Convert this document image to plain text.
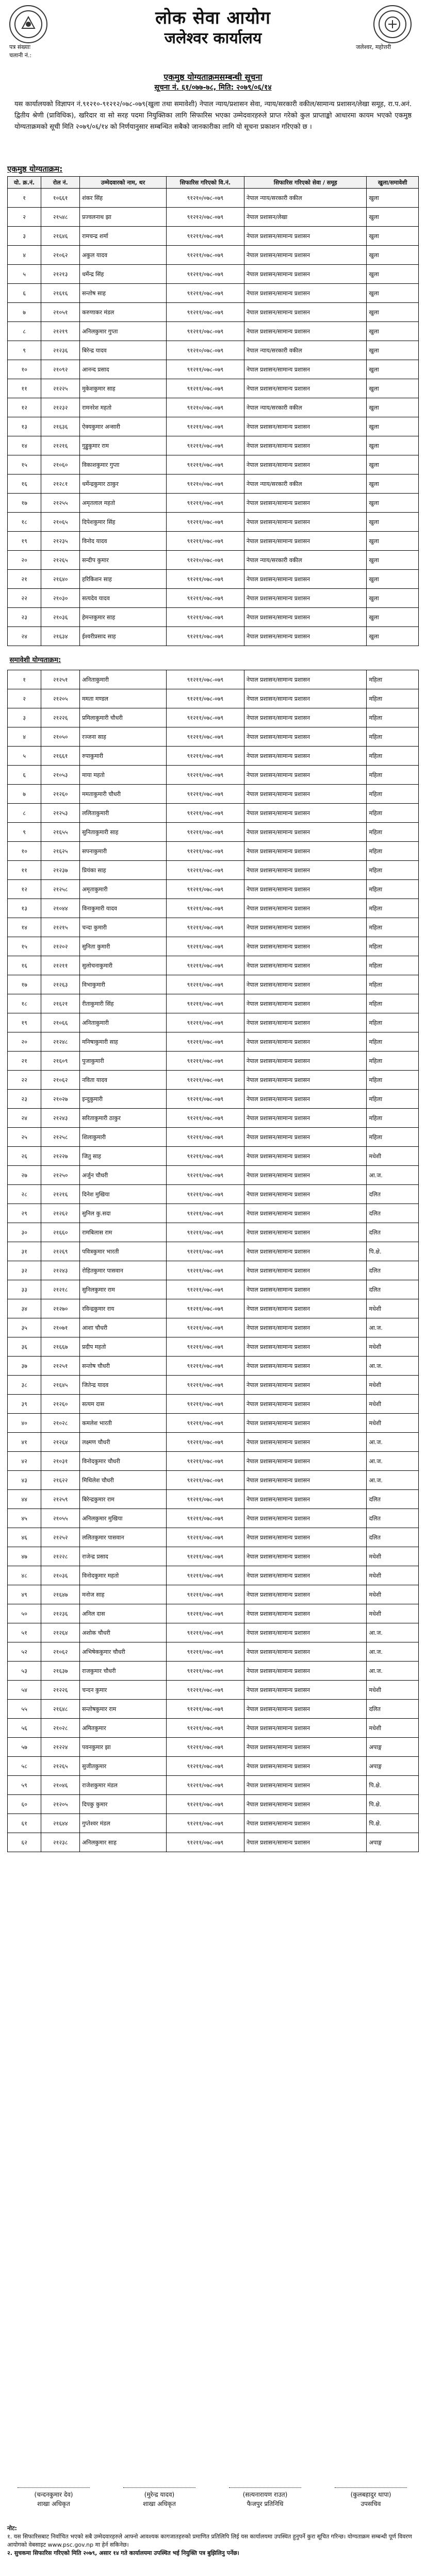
लोक सेवा आयोग
जलेश्वर कार्यालय
पत्र संख्याः
चलानी नं.:
जलेश्वर, महोत्तरी
एकमुष्ठ योग्यताक्रमसम्बन्धी सूचना
सूचना नं. ६१/०७७-७८, मिति: २०७९/०६/१४
यस कार्यालयको विज्ञापन नं.९१२१०-९१२१२/०७८-०७९(खुला तथा समावेशी) नेपाल न्याय/प्रशासन सेवा, न्याय/सरकारी वकील/सामान्य प्रशासन/लेखा समूह, रा.प.अनं. द्वितीय श्रेणी (प्राविधिक), खरिदार वा सो सरह पदमा नियुक्तिका लागि सिफारिस भएका उम्मेदवारहरुले प्राप्त गरेको कुल प्राप्ताङ्को आधारमा कायम भएको एकमुष्ठ योग्यताक्रमको सूची मिति २०७९/०६/१४ को निर्णयानुसार सम्बन्धित सबैको जानकारीका लागि यो सूचना प्रकाशन गरिएको छ ।
एकमुष्ठ योग्यताक्रम:
यो. क्र.नं.	रोल नं.	उम्मेदवारको नाम, थर	सिफारिस गरिएको वि.नं.	सिफारिस गरिएको सेवा / समूह	खुला/समावेशी
१	१०६६१	शंकर सिंह	९१२१०/०७८-०७९	नेपाल न्याय/सरकारी वकील	खुला
२	२१५४८	प्रज्वलनाथ झा	९१२१२/०७८-०७९	नेपाल प्रशासन/लेखा	खुला
३	२१६४६	रामचन्द्र शर्मा	९१२११/०७८-०७९	नेपाल प्रशासन/सामान्य प्रशासन	खुला
४	२१०६२	अकुल यादव	९१२११/०७८-०७९	नेपाल प्रशासन/सामान्य प्रशासन	खुला
५	२१२१३	धर्मेन्द्र सिंह	९१२११/०७८-०७९	नेपाल प्रशासन/सामान्य प्रशासन	खुला
६	२१६१६	सन्तोष साह	९१२११/०७८-०७९	नेपाल प्रशासन/सामान्य प्रशासन	खुला
७	२१०५१	करुणाकर मंडल	९१२११/०७८-०७९	नेपाल प्रशासन/सामान्य प्रशासन	खुला
८	२१२१९	अनिलकुमार गुप्ता	९१२११/०७८-०७९	नेपाल प्रशासन/सामान्य प्रशासन	खुला
९	२१२३६	बिरेन्द्र यादव	९१२१०/०७८-०७९	नेपाल न्याय/सरकारी वकील	खुला
१०	२१०९२	आनन्द प्रसाद	९१२११/०७८-०७९	नेपाल प्रशासन/सामान्य प्रशासन	खुला
११	२१२२५	मुकेशकुमार साह	९१२११/०७८-०७९	नेपाल प्रशासन/सामान्य प्रशासन	खुला
१२	२१२३२	रामनरेश महतो	९१२१०/०७८-०७९	नेपाल न्याय/सरकारी वकील	खुला
१३	२१६३६	ऐक्यकुमार अन्सारी	९१२११/०७८-०७९	नेपाल प्रशासन/सामान्य प्रशासन	खुला
१४	२१२१६	गुड्डुकुमार राम	९१२११/०७८-०७९	नेपाल प्रशासन/सामान्य प्रशासन	खुला
१५	२१०६०	विकाशकुमार गुप्ता	९१२११/०७८-०७९	नेपाल प्रशासन/सामान्य प्रशासन	खुला
१६	२१२८१	धर्मेन्द्रकुमार ठाकुर	९१२१०/०७८-०७९	नेपाल न्याय/सरकारी वकील	खुला
१७	२१२५५	अमृतलाल महतो	९१२११/०७८-०७९	नेपाल प्रशासन/सामान्य प्रशासन	खुला
१८	२१०६५	दिपेशकुमार सिंह	९१२११/०७८-०७९	नेपाल प्रशासन/सामान्य प्रशासन	खुला
१९	२१२३५	विनोद यादव	९१२११/०७८-०७९	नेपाल प्रशासन/सामान्य प्रशासन	खुला
२०	२१२६५	सन्दीप कुमार	९१२१०/०७८-०७९	नेपाल न्याय/सरकारी वकील	खुला
२१	२१६४०	हरिकिशन साह	९१२११/०७८-०७९	नेपाल प्रशासन/सामान्य प्रशासन	खुला
२२	२१०३०	सत्यदेव यादव	९१२११/०७८-०७९	नेपाल प्रशासन/सामान्य प्रशासन	खुला
२३	२१०३६	हेमन्तकुमार साह	९१२११/०७८-०७९	नेपाल प्रशासन/सामान्य प्रशासन	खुला
२४	२१६३४	ईश्वरीप्रसाद साह	९१२११/०७८-०७९	नेपाल प्रशासन/सामान्य प्रशासन	खुला
समावेशी योग्यताक्रम:					
१	२१२५१	अनिताकुमारी	९१२११/०७८-०७९	नेपाल प्रशासन/सामान्य प्रशासन	महिला
२	२१२०५	ममता मण्डल	९१२११/०७८-०७९	नेपाल प्रशासन/सामान्य प्रशासन	महिला
३	२१२२६	प्रमिलाकुमारी चौधरी	९१२११/०७८-०७९	नेपाल प्रशासन/सामान्य प्रशासन	महिला
४	२१०५०	रञ्जना साह	९१२११/०७८-०७९	नेपाल प्रशासन/सामान्य प्रशासन	महिला
५	२१६६१	रुपाकुमारी	९१२११/०७८-०७९	नेपाल प्रशासन/सामान्य प्रशासन	महिला
६	२१०५३	माया महतो	९१२११/०७८-०७९	नेपाल प्रशासन/सामान्य प्रशासन	महिला
७	२१२६०	ममताकुमारी चौधरी	९१२११/०७८-०७९	नेपाल प्रशासन/सामान्य प्रशासन	महिला
८	२१२५३	ललिताकुमारी	९१२११/०७८-०७९	नेपाल प्रशासन/सामान्य प्रशासन	महिला
९	२१६५५	सुनिताकुमारी साह	९१२११/०७८-०७९	नेपाल प्रशासन/सामान्य प्रशासन	महिला
१०	२१६२५	सपनाकुमारी	९१२११/०७८-०७९	नेपाल प्रशासन/सामान्य प्रशासन	महिला
११	२१२३७	प्रियंका साह	९१२११/०७८-०७९	नेपाल प्रशासन/सामान्य प्रशासन	महिला
१२	२१२५८	अमृताकुमारी	९१२११/०७८-०७९	नेपाल प्रशासन/सामान्य प्रशासन	महिला
१३	२१०४४	विनाकुमारी यादव	९१२११/०७८-०७९	नेपाल प्रशासन/सामान्य प्रशासन	महिला
१४	२१२१५	चन्दा कुमारी	९१२११/०७८-०७९	नेपाल प्रशासन/सामान्य प्रशासन	महिला
१५	२१२०२	सुनिता कुमारी	९१२११/०७८-०७९	नेपाल प्रशासन/सामान्य प्रशासन	महिला
१६	२१२११	सुलोचनाकुमारी	९१२११/०७८-०७९	नेपाल प्रशासन/सामान्य प्रशासन	महिला
१७	२१२६३	विभाकुमारी	९१२११/०७८-०७९	नेपाल प्रशासन/सामान्य प्रशासन	महिला
१८	२१६२१	रीताकुमारी सिंह	९१२११/०७८-०७९	नेपाल प्रशासन/सामान्य प्रशासन	महिला
१९	२१०६६	अनिताकुमारी	९१२११/०७८-०७९	नेपाल प्रशासन/सामान्य प्रशासन	महिला
२०	२१२४८	मनिषाकुमारी साह	९१२११/०७८-०७९	नेपाल प्रशासन/सामान्य प्रशासन	महिला
२१	२१६०९	पुजाकुमारी	९१२११/०७८-०७९	नेपाल प्रशासन/सामान्य प्रशासन	महिला
२२	२१०६२	नविता यादव	९१२११/०७८-०७९	नेपाल प्रशासन/सामान्य प्रशासन	महिला
२३	२१०२७	इन्दुकुमारी	९१२११/०७८-०७९	नेपाल प्रशासन/सामान्य प्रशासन	महिला
२४	२१२४३	सरिताकुमारी ठाकुर	९१२११/०७८-०७९	नेपाल प्रशासन/सामान्य प्रशासन	महिला
२५	२१२५८	शिलाकुमारी	९१२११/०७८-०७९	नेपाल प्रशासन/सामान्य प्रशासन	महिला
२६	२१२२७	जितु साह	९१२११/०७८-०७९	नेपाल प्रशासन/सामान्य प्रशासन	मधेशी
२७	२१२५०	अर्जुन चौधरी	९१२११/०७८-०७९	नेपाल प्रशासन/सामान्य प्रशासन	आ.ज.
२८	२१२१६	दिनेश मुखिया	९१२११/०७८-०७९	नेपाल प्रशासन/सामान्य प्रशासन	दलित
२९	२१२६२	सुनिल कु.सदा	९१२११/०७८-०७९	नेपाल प्रशासन/सामान्य प्रशासन	दलित
३०	२१६६०	रामबिलास राम	९१२११/०७८-०७९	नेपाल प्रशासन/सामान्य प्रशासन	दलित
३१	२१२६९	पवित्रकुमार भारती	९१२११/०७८-०७९	नेपाल प्रशासन/सामान्य प्रशासन	पि.क्षे.
३२	२१२४३	रोहितकुमार पासवान	९१२११/०७८-०७९	नेपाल प्रशासन/सामान्य प्रशासन	दलित
३३	२१२१८	सुनिलकुमार राम	९१२११/०७८-०७९	नेपाल प्रशासन/सामान्य प्रशासन	दलित
३४	२१२७०	रविन्द्रकुमार राय	९१२११/०७८-०७९	नेपाल प्रशासन/सामान्य प्रशासन	मधेशी
३५	२१०७१	आशा चौधरी	९१२११/०७८-०७९	नेपाल प्रशासन/सामान्य प्रशासन	आ.ज.
३६	२१६६७	प्रदीप महतो	९१२११/०७८-०७९	नेपाल प्रशासन/सामान्य प्रशासन	मधेशी
३७	२१२५१	सन्तोष चौधरी	९१२११/०७८-०७९	नेपाल प्रशासन/सामान्य प्रशासन	आ.ज.
३८	२१६४५	जितेन्द्र यादव	९१२११/०७८-०७९	नेपाल प्रशासन/सामान्य प्रशासन	मधेशी
३९	२१२६०	सत्यम दास	९१२११/०७८-०७९	नेपाल प्रशासन/सामान्य प्रशासन	मधेशी
४०	२१०२८	कमलेश भारती	९१२११/०७८-०७९	नेपाल प्रशासन/सामान्य प्रशासन	मधेशी
४१	२१२६४	लक्ष्मण चौधरी	९१२११/०७८-०७९	नेपाल प्रशासन/सामान्य प्रशासन	आ.ज.
४२	२१०३१	विनोदकुमार चौधरी	९१२११/०७८-०७९	नेपाल प्रशासन/सामान्य प्रशासन	आ.ज.
४३	२१६२२	मिथिलेश चौधरी	९१२११/०७८-०७९	नेपाल प्रशासन/सामान्य प्रशासन	आ.ज.
४४	२१२५९	बिरेन्द्रकुमार राम	९१२११/०७८-०७९	नेपाल प्रशासन/सामान्य प्रशासन	दलित
४५	२१०५५	अनिलकुमार मुखिया	९१२११/०७८-०७९	नेपाल प्रशासन/सामान्य प्रशासन	दलित
४६	२१२५२	ललितकुमार पासवान	९१२११/०७८-०७९	नेपाल प्रशासन/सामान्य प्रशासन	दलित
४७	२१२२८	राजेन्द्र प्रसाद	९१२११/०७८-०७९	नेपाल प्रशासन/सामान्य प्रशासन	मधेशी
४८	२१०३६	विनोदकुमार महतो	९१२११/०७८-०७९	नेपाल प्रशासन/सामान्य प्रशासन	मधेशी
४९	२१६४७	मनोज साह	९१२११/०७८-०७९	नेपाल प्रशासन/सामान्य प्रशासन	मधेशी
५०	२१२३६	अनिल दास	९१२११/०७८-०७९	नेपाल प्रशासन/सामान्य प्रशासन	मधेशी
५१	२१२६४	अशोक चौधरी	९१२११/०७८-०७९	नेपाल प्रशासन/सामान्य प्रशासन	आ.ज.
५२	२१०६२	अभिषेककुमार चौधरी	९१२११/०७८-०७९	नेपाल प्रशासन/सामान्य प्रशासन	आ.ज.
५३	२१६३७	राजकुमार चौधरी	९१२११/०७८-०७९	नेपाल प्रशासन/सामान्य प्रशासन	आ.ज.
५४	२१२२६	चन्दन कुमार	९१२११/०७८-०७९	नेपाल प्रशासन/सामान्य प्रशासन	मधेशी
५५	२१६४८	सन्तोषकुमार राम	९१२११/०७८-०७९	नेपाल प्रशासन/सामान्य प्रशासन	दलित
५६	२१०२८	अमितकुमार	९१२११/०७८-०७९	नेपाल प्रशासन/सामान्य प्रशासन	मधेशी
५७	२१२२४	पवनकुमार झा	९१२११/०७८-०७९	नेपाल प्रशासन/सामान्य प्रशासन	अपाङ्ग
५८	२१२६५	सुजीतकुमार	९१२११/०७८-०७९	नेपाल प्रशासन/सामान्य प्रशासन	अपाङ्ग
५९	२१०४६	राजेशकुमार मंडल	९१२११/०७८-०७९	नेपाल प्रशासन/सामान्य प्रशासन	पि.क्षे.
६०	२१२०५	दिपकु कुमार	९१२११/०७८-०७९	नेपाल प्रशासन/सामान्य प्रशासन	पि.क्षे.
६१	२१६४४	गुप्तेश्वर मंडल	९१२११/०७८-०७९	नेपाल प्रशासन/सामान्य प्रशासन	पि.क्षे.
६२	२१२३८	अनिलकुमार साह	९१२११/०७८-०७९	नेपाल प्रशासन/सामान्य प्रशासन	अपाङ्ग
(चन्दनकुमार देव)
शाखा अधिकृत
(मुरेन्द्र यादव)
शाखा अधिकृत
(सत्यनारायण राउत)
फैजपुर प्रतिनिधि
(कुलबहादुर थापा)
उपसचिव
नोट:
१. यस सिफारिसबाट निर्वाचित भएको सबै उम्मेदवारहरुले आफ्नो आवश्यक कागजातहरुको प्रमाणित प्रतिलिपि लिई यस कार्यालयमा उपस्थित हुनुपर्ने कुरा सूचित गरिन्छ। योग्यताक्रम सम्बन्धी पूर्ण विवरण आयोगको वेबसाइट www.psc.gov.np मा हेर्न सकिनेछ।
२. सुचकमा सिफारिस गरिएको मिति २०७९, असार १४ गते कार्यालयमा उपस्थित भई नियुक्ति पत्र बुझिलिनु पर्नेछ।
